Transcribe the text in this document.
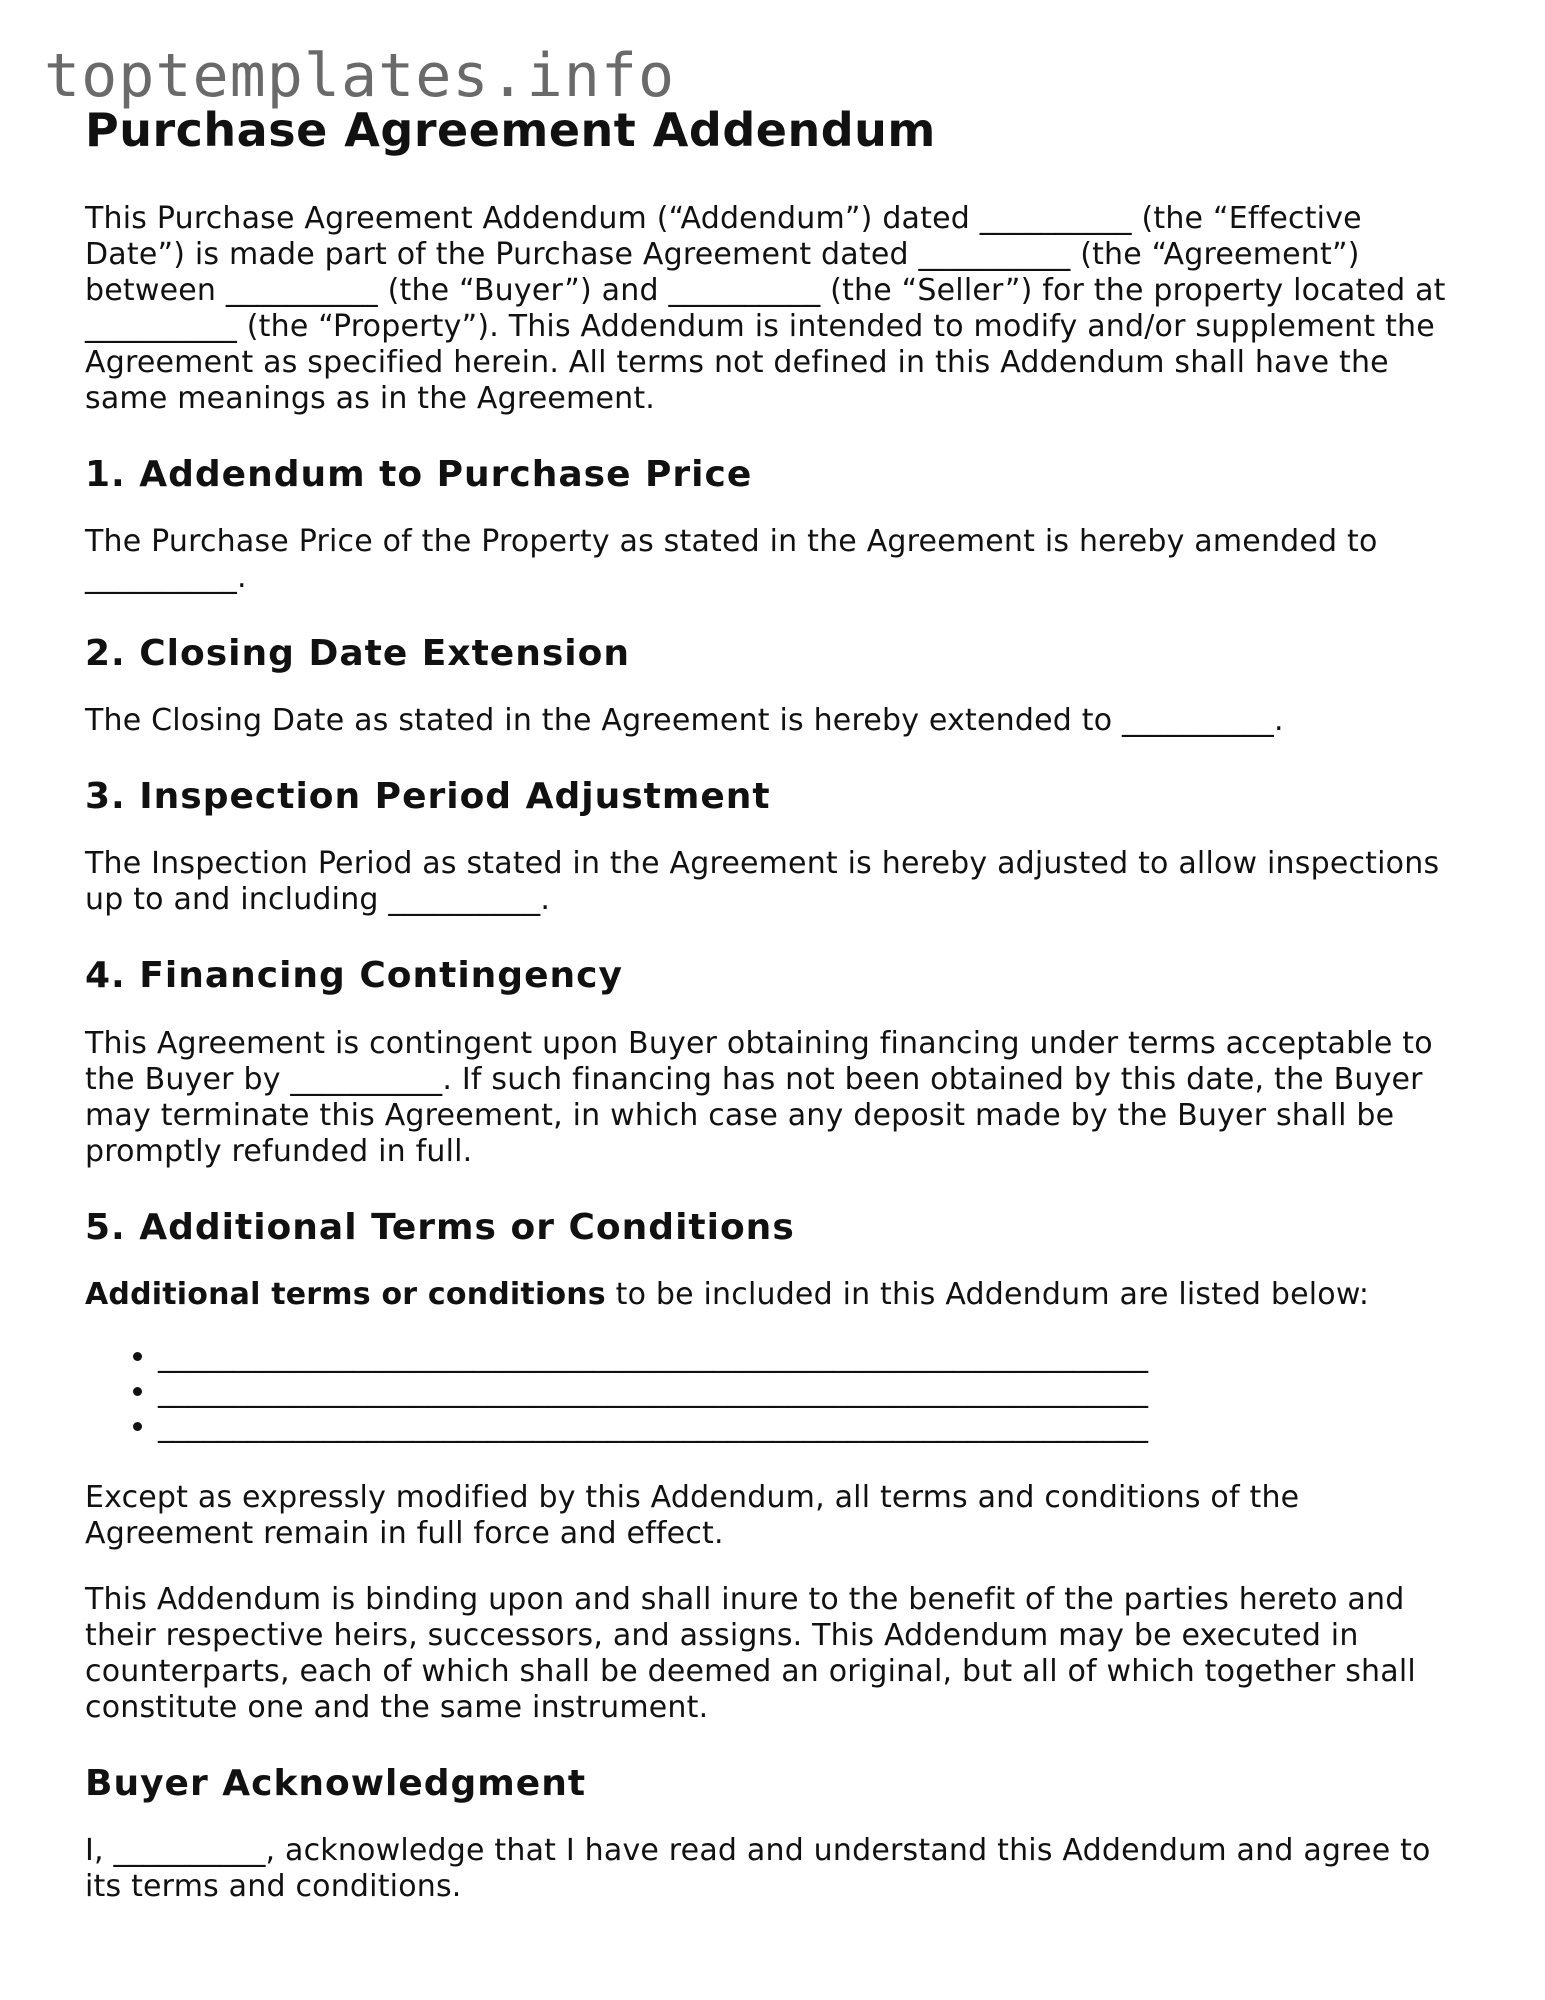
toptemplates.info
Purchase Agreement Addendum

This Purchase Agreement Addendum (“Addendum”) dated __________ (the “Effective Date”) is made part of the Purchase Agreement dated __________ (the “Agreement”) between __________ (the “Buyer”) and __________ (the “Seller”) for the property located at __________ (the “Property”). This Addendum is intended to modify and/or supplement the Agreement as specified herein. All terms not defined in this Addendum shall have the same meanings as in the Agreement.

1. Addendum to Purchase Price

The Purchase Price of the Property as stated in the Agreement is hereby amended to __________.

2. Closing Date Extension

The Closing Date as stated in the Agreement is hereby extended to __________.

3. Inspection Period Adjustment

The Inspection Period as stated in the Agreement is hereby adjusted to allow inspections up to and including __________.

4. Financing Contingency

This Agreement is contingent upon Buyer obtaining financing under terms acceptable to the Buyer by __________. If such financing has not been obtained by this date, the Buyer may terminate this Agreement, in which case any deposit made by the Buyer shall be promptly refunded in full.

5. Additional Terms or Conditions

Additional terms or conditions to be included in this Addendum are listed below:

• __________________________________________________________________
• __________________________________________________________________
• __________________________________________________________________

Except as expressly modified by this Addendum, all terms and conditions of the Agreement remain in full force and effect.

This Addendum is binding upon and shall inure to the benefit of the parties hereto and their respective heirs, successors, and assigns. This Addendum may be executed in counterparts, each of which shall be deemed an original, but all of which together shall constitute one and the same instrument.

Buyer Acknowledgment

I, __________, acknowledge that I have read and understand this Addendum and agree to its terms and conditions.
